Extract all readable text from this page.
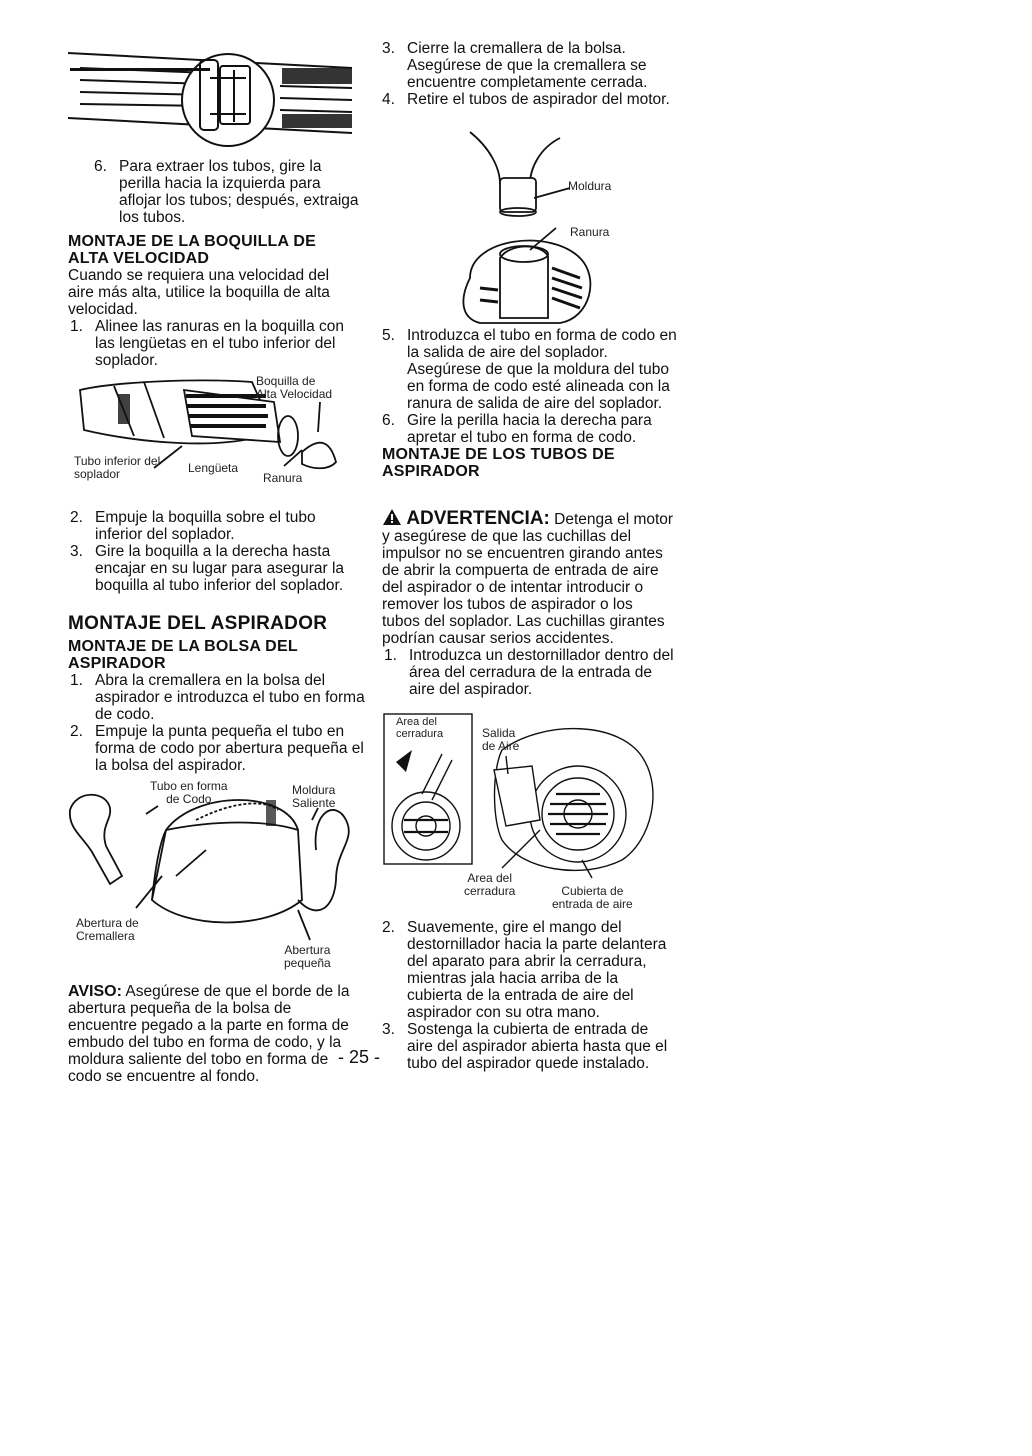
6. Para extraer los tubos, gire la perilla hacia la izquierda para aflojar los tubos; después, extraiga los tubos.

MONTAJE DE LA BOQUILLA DE ALTA VELOCIDAD

Cuando se requiera una velocidad del aire más alta, utilice la boquilla de alta velocidad.

1. Alinee las ranuras en la boquilla con las lengüetas en el tubo inferior del soplador.

Boquilla de
Alta Velocidad
Tubo inferior del
soplador	Lengüeta
Ranura
2. Empuje la boquilla sobre el tubo inferior del soplador.

3. Gire la boquilla a la derecha hasta encajar en su lugar para asegurar la boquilla al tubo inferior del soplador.

MONTAJE DEL ASPIRADOR

MONTAJE DE LA BOLSA DEL ASPIRADOR

1. Abra la cremallera en la bolsa del aspirador e introduzca el tubo en forma de codo.

2. Empuje la punta pequeña el tubo en forma de codo por abertura pequeña el la bolsa del aspirador.

Tubo en forma
de Codo
Moldura
Saliente
Abertura de
Cremallera
Abertura
pequeña

AVISO: Asegúrese de que el borde de la abertura pequeña de la bolsa de encuentre pegado a la parte en forma de embudo del tubo en forma de codo, y la moldura saliente del tobo en forma de codo se encuentre al fondo.

3. Cierre la cremallera de la bolsa. Asegúrese de que la cremallera se encuentre completamente cerrada.

4. Retire el tubos de aspirador del motor.

Moldura
Ranura
5. Introduzca el tubo en forma de codo en la salida de aire del soplador. Asegúrese de que la moldura del tubo en forma de codo esté alineada con la ranura de salida de aire del soplador.

6. Gire la perilla hacia la derecha para apretar el tubo en forma de codo.

MONTAJE DE LOS TUBOS DE ASPIRADOR

ADVERTENCIA: Detenga el motor y asegúrese de que las cuchillas del impulsor no se encuentren girando antes de abrir la compuerta de entrada de aire del aspirador o de intentar introducir o remover los tubos de aspirador o los tubos del soplador. Las cuchillas girantes podrían causar serios accidentes.

1. Introduzca un destornillador dentro del área del cerradura de la entrada de aire del aspirador.

Area del
cerradura	Salida
de Aire
Area del
cerradura	Cubierta de
entrada de aire
2. Suavemente, gire el mango del destornillador hacia la parte delantera del aparato para abrir la cerradura, mientras jala hacia arriba de la cubierta de la entrada de aire del aspirador con su otra mano.

3. Sostenga la cubierta de entrada de aire del aspirador abierta hasta que el tubo del aspirador quede instalado.

- 25 -
